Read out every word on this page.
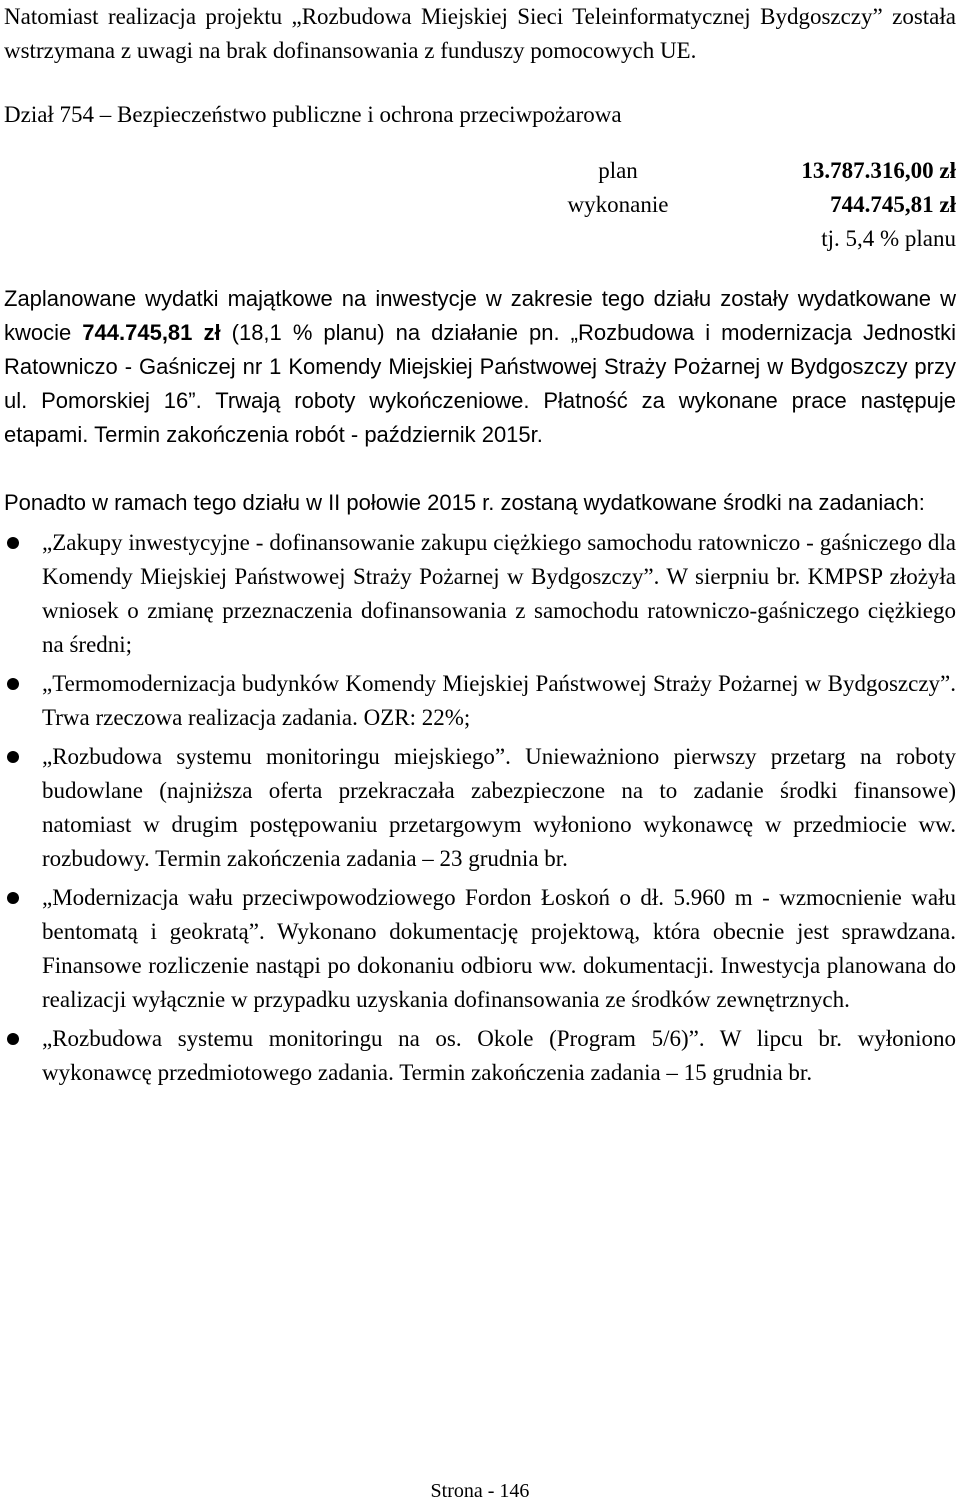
Natomiast realizacja projektu „Rozbudowa Miejskiej Sieci Teleinformatycznej Bydgoszczy” została wstrzymana z uwagi na brak dofinansowania z funduszy pomocowych UE.

Dział 754 – Bezpieczeństwo publiczne i ochrona przeciwpożarowa

plan	13.787.316,00 zł
wykonanie	744.745,81 zł
tj. 5,4 % planu

Zaplanowane wydatki majątkowe na inwestycje w zakresie tego działu zostały wydatkowane w kwocie 744.745,81 zł (18,1 % planu) na działanie pn. „Rozbudowa i modernizacja Jednostki Ratowniczo - Gaśniczej nr 1 Komendy Miejskiej Państwowej Straży Pożarnej w Bydgoszczy przy ul. Pomorskiej 16”. Trwają roboty wykończeniowe. Płatność za wykonane prace następuje etapami. Termin zakończenia robót - październik 2015r.

Ponadto w ramach tego działu w II połowie 2015 r. zostaną wydatkowane środki na zadaniach:

„Zakupy inwestycyjne - dofinansowanie zakupu ciężkiego samochodu ratowniczo - gaśniczego dla Komendy Miejskiej Państwowej Straży Pożarnej w Bydgoszczy”. W sierpniu br. KMPSP złożyła wniosek o zmianę przeznaczenia dofinansowania z samochodu ratowniczo-gaśniczego ciężkiego na średni;
„Termomodernizacja budynków Komendy Miejskiej Państwowej Straży Pożarnej w Bydgoszczy”. Trwa rzeczowa realizacja zadania. OZR: 22%;
„Rozbudowa systemu monitoringu miejskiego”. Unieważniono pierwszy przetarg na roboty budowlane (najniższa oferta przekraczała zabezpieczone na to zadanie środki finansowe) natomiast w drugim postępowaniu przetargowym wyłoniono wykonawcę w przedmiocie ww. rozbudowy. Termin zakończenia zadania – 23 grudnia br.
„Modernizacja wału przeciwpowodziowego Fordon Łoskoń o dł. 5.960 m - wzmocnienie wału bentomatą i geokratą”. Wykonano dokumentację projektową, która obecnie jest sprawdzana. Finansowe rozliczenie nastąpi po dokonaniu odbioru ww. dokumentacji. Inwestycja planowana do realizacji wyłącznie w przypadku uzyskania dofinansowania ze środków zewnętrznych.
„Rozbudowa systemu monitoringu na os. Okole (Program 5/6)”. W lipcu br. wyłoniono wykonawcę przedmiotowego zadania. Termin zakończenia zadania – 15 grudnia br.
Strona - 146
